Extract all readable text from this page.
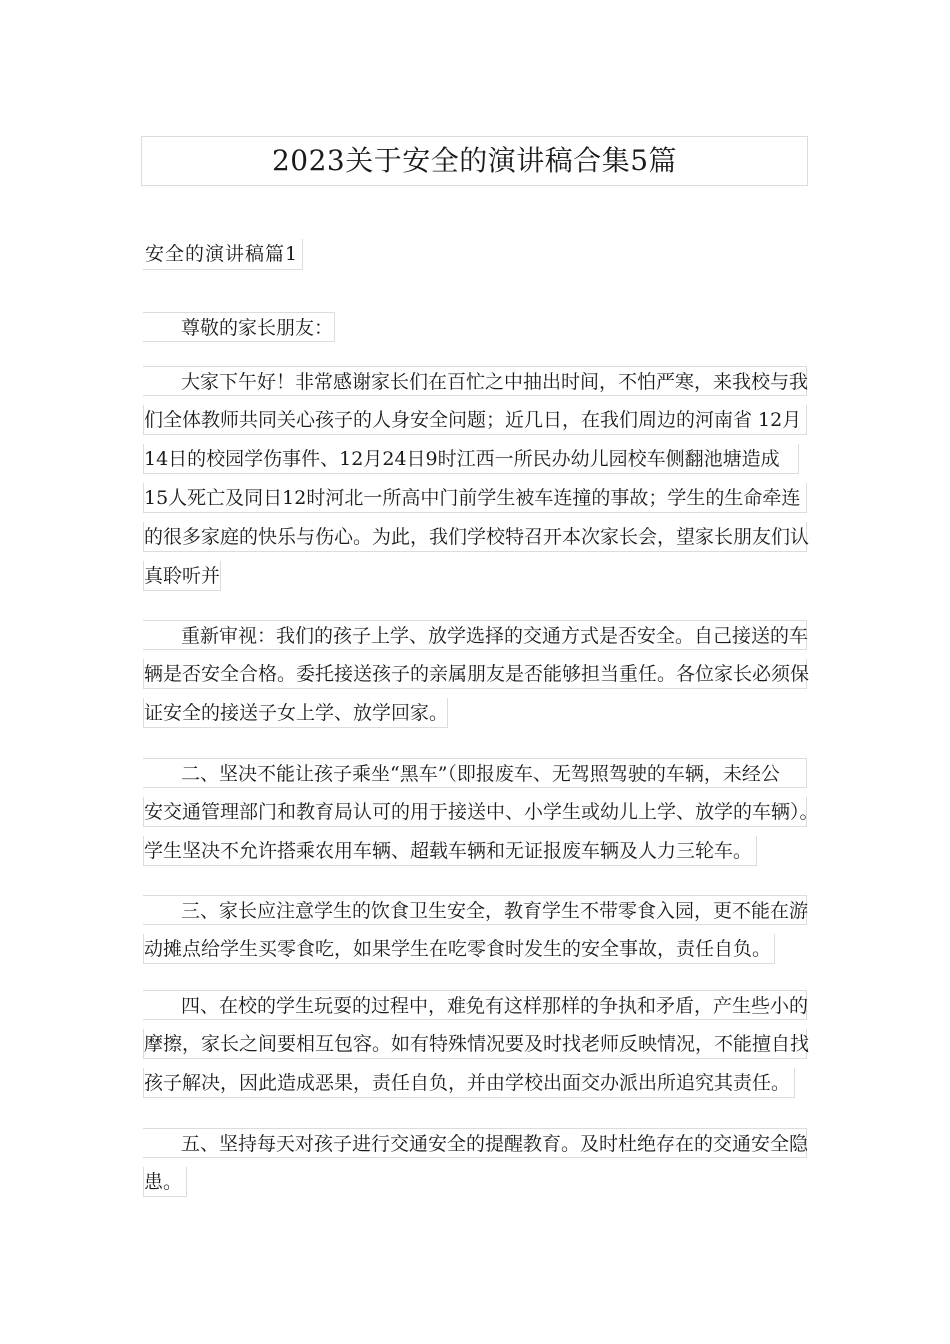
2023关于安全的演讲稿合集5篇
安全的演讲稿篇1
尊敬的家长朋友：
大家下午好！非常感谢家长们在百忙之中抽出时间，不怕严寒，来我校与我
们全体教师共同关心孩子的人身安全问题；近几日，在我们周边的河南省 12月
14日的校园学伤事件、12月24日9时江西一所民办幼儿园校车侧翻池塘造成
15人死亡及同日12时河北一所高中门前学生被车连撞的事故；学生的生命牵连
的很多家庭的快乐与伤心。为此，我们学校特召开本次家长会，望家长朋友们认
真聆听并
重新审视：我们的孩子上学、放学选择的交通方式是否安全。自己接送的车
辆是否安全合格。委托接送孩子的亲属朋友是否能够担当重任。各位家长必须保
证安全的接送子女上学、放学回家。
二、坚决不能让孩子乘坐“黑车”（即报废车、无驾照驾驶的车辆，未经公
安交通管理部门和教育局认可的用于接送中、小学生或幼儿上学、放学的车辆）。
学生坚决不允许搭乘农用车辆、超载车辆和无证报废车辆及人力三轮车。
三、家长应注意学生的饮食卫生安全，教育学生不带零食入园，更不能在游
动摊点给学生买零食吃，如果学生在吃零食时发生的安全事故，责任自负。
四、在校的学生玩耍的过程中，难免有这样那样的争执和矛盾，产生些小的
摩擦，家长之间要相互包容。如有特殊情况要及时找老师反映情况，不能擅自找
孩子解决，因此造成恶果，责任自负，并由学校出面交办派出所追究其责任。
五、坚持每天对孩子进行交通安全的提醒教育。及时杜绝存在的交通安全隐
患。
